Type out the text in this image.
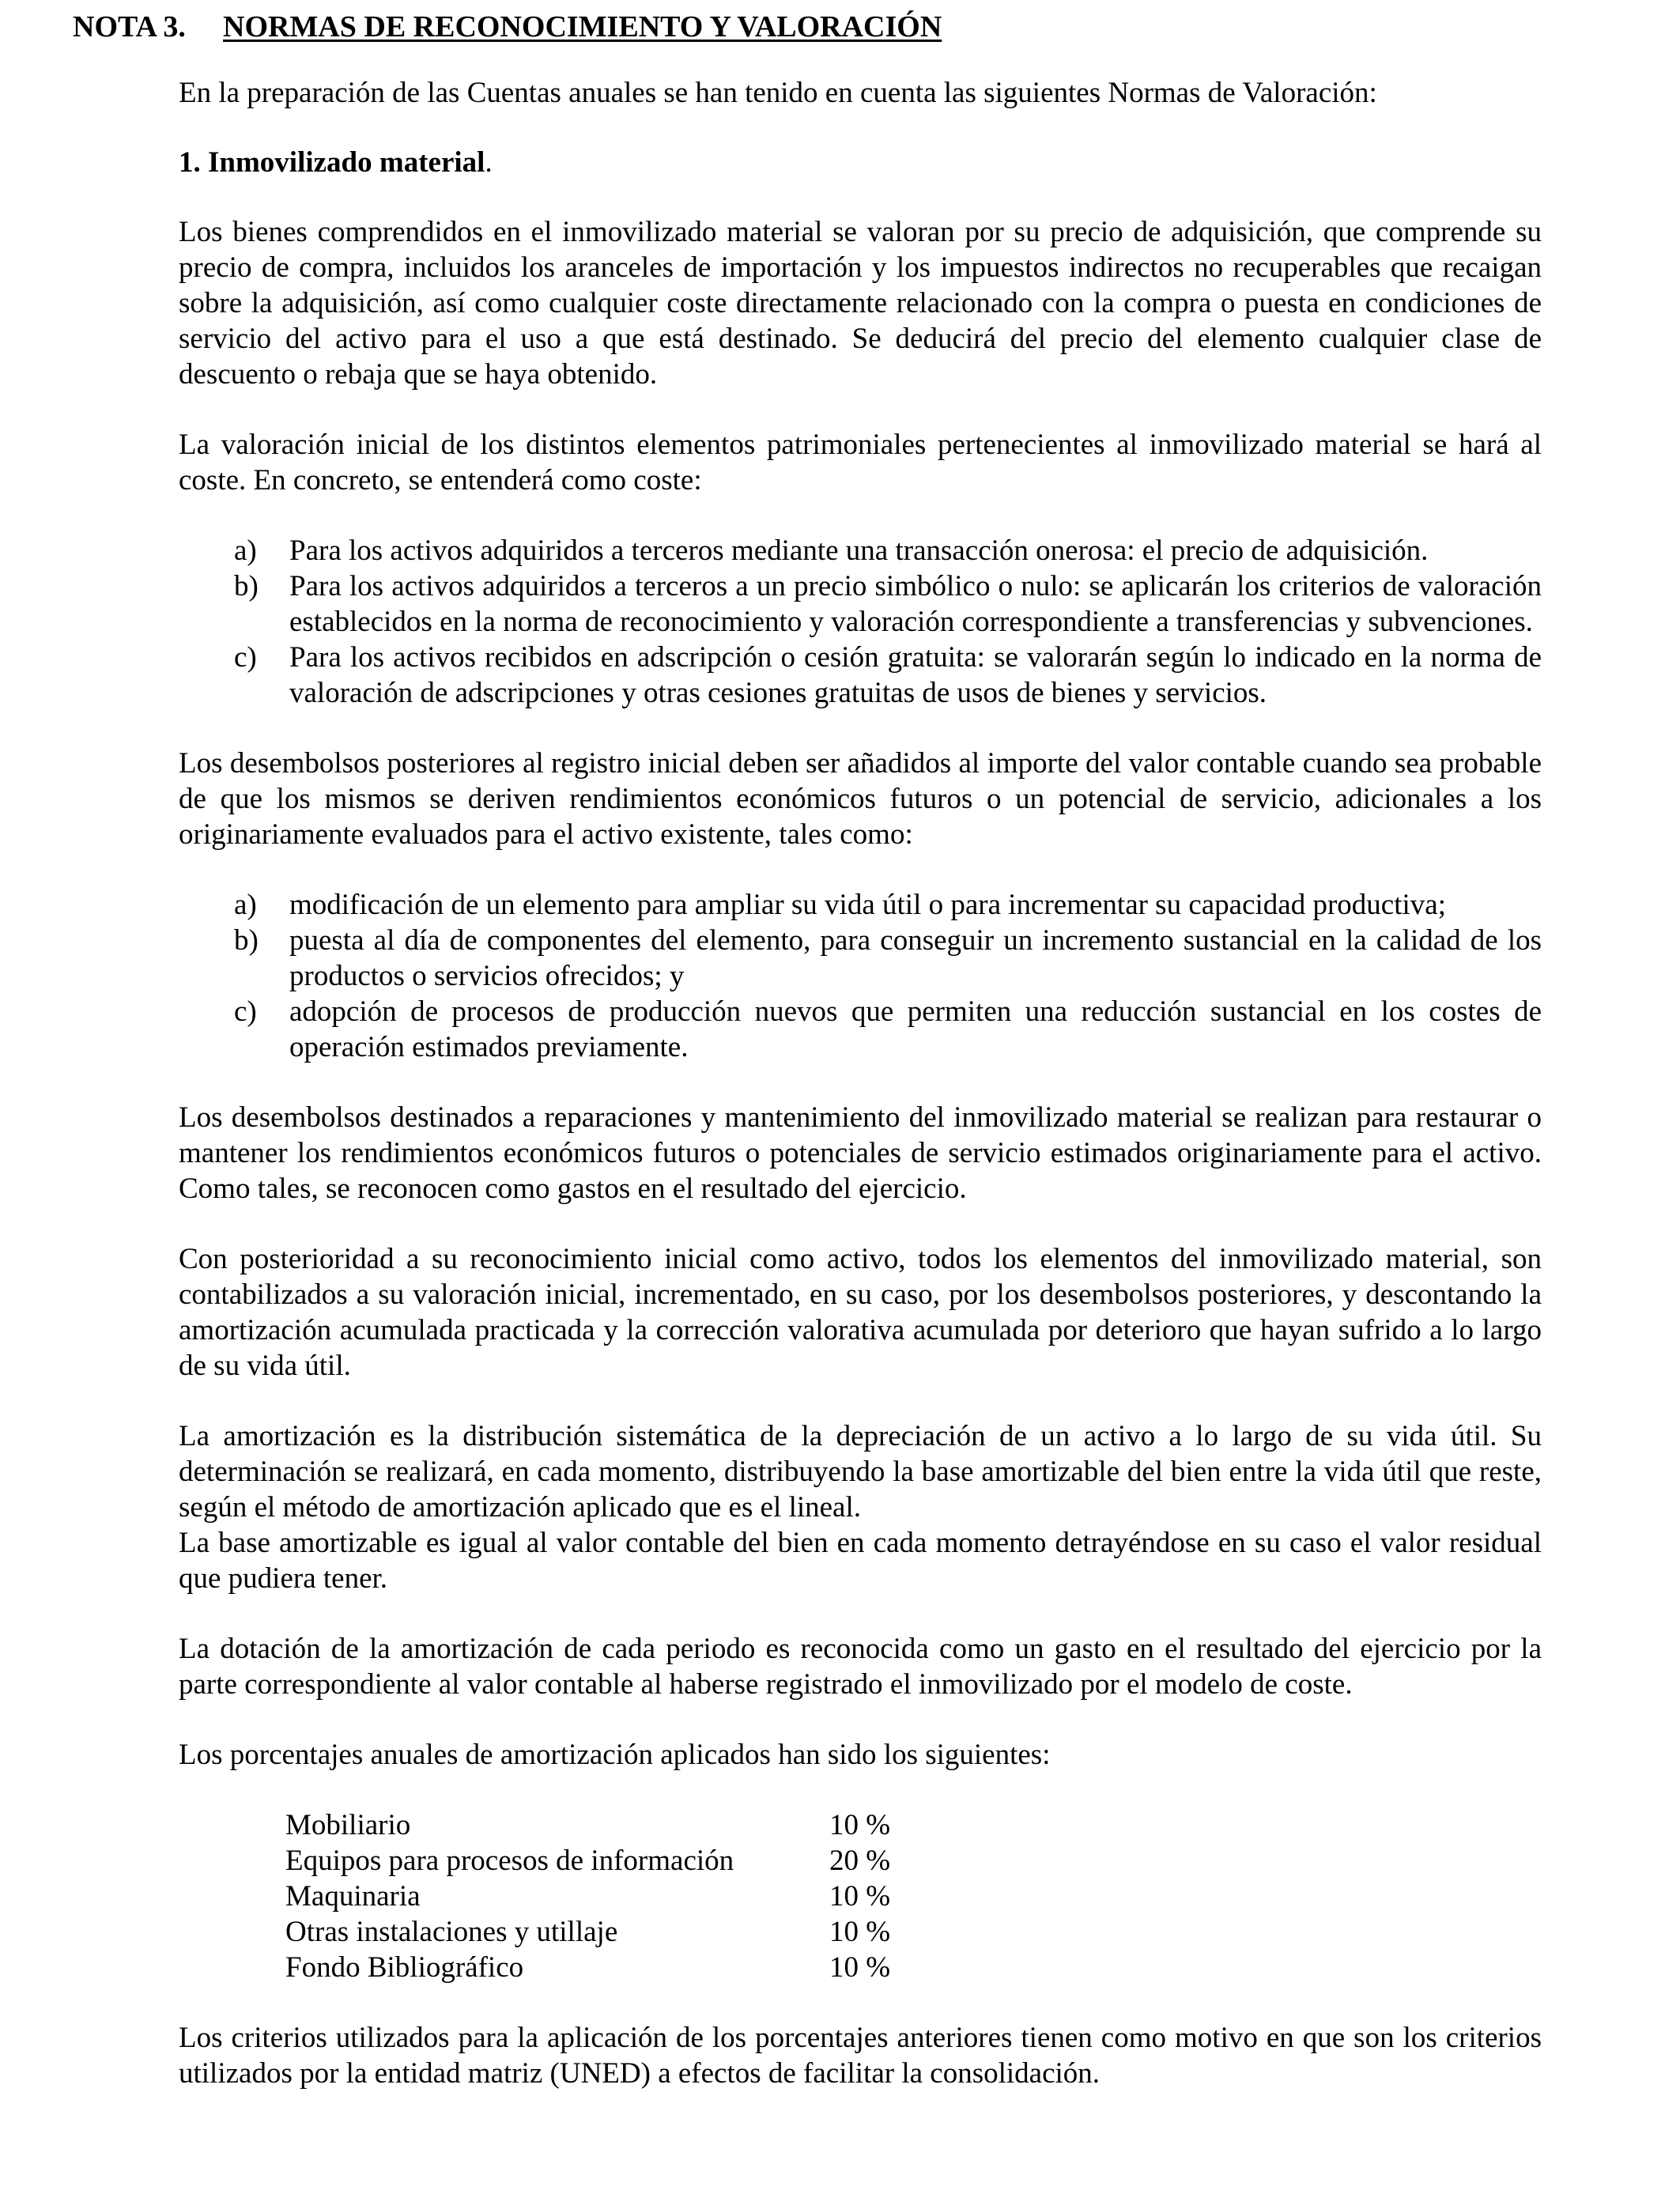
NOTA 3. NORMAS DE RECONOCIMIENTO Y VALORACIÓN

En la preparación de las Cuentas anuales se han tenido en cuenta las siguientes Normas de Valoración:

1. Inmovilizado material.

Los bienes comprendidos en el inmovilizado material se valoran por su precio de adquisición, que comprende su precio de compra, incluidos los aranceles de importación y los impuestos indirectos no recuperables que recaigan sobre la adquisición, así como cualquier coste directamente relacionado con la compra o puesta en condiciones de servicio del activo para el uso a que está destinado. Se deducirá del precio del elemento cualquier clase de descuento o rebaja que se haya obtenido.

La valoración inicial de los distintos elementos patrimoniales pertenecientes al inmovilizado material se hará al coste. En concreto, se entenderá como coste:

a)	Para los activos adquiridos a terceros mediante una transacción onerosa: el precio de adquisición.
b)	Para los activos adquiridos a terceros a un precio simbólico o nulo: se aplicarán los criterios de valoración establecidos en la norma de reconocimiento y valoración correspondiente a transferencias y subvenciones.
c)	Para los activos recibidos en adscripción o cesión gratuita: se valorarán según lo indicado en la norma de valoración de adscripciones y otras cesiones gratuitas de usos de bienes y servicios.

Los desembolsos posteriores al registro inicial deben ser añadidos al importe del valor contable cuando sea probable de que los mismos se deriven rendimientos económicos futuros o un potencial de servicio, adicionales a los originariamente evaluados para el activo existente, tales como:

a)	modificación de un elemento para ampliar su vida útil o para incrementar su capacidad productiva;
b)	puesta al día de componentes del elemento, para conseguir un incremento sustancial en la calidad de los productos o servicios ofrecidos; y
c)	adopción de procesos de producción nuevos que permiten una reducción sustancial en los costes de operación estimados previamente.

Los desembolsos destinados a reparaciones y mantenimiento del inmovilizado material se realizan para restaurar o mantener los rendimientos económicos futuros o potenciales de servicio estimados originariamente para el activo. Como tales, se reconocen como gastos en el resultado del ejercicio.

Con posterioridad a su reconocimiento inicial como activo, todos los elementos del inmovilizado material, son contabilizados a su valoración inicial, incrementado, en su caso, por los desembolsos posteriores, y descontando la amortización acumulada practicada y la corrección valorativa acumulada por deterioro que hayan sufrido a lo largo de su vida útil.

La amortización es la distribución sistemática de la depreciación de un activo a lo largo de su vida útil. Su determinación se realizará, en cada momento, distribuyendo la base amortizable del bien entre la vida útil que reste, según el método de amortización aplicado que es el lineal.

La base amortizable es igual al valor contable del bien en cada momento detrayéndose en su caso el valor residual que pudiera tener.

La dotación de la amortización de cada periodo es reconocida como un gasto en el resultado del ejercicio por la parte correspondiente al valor contable al haberse registrado el inmovilizado por el modelo de coste.

Los porcentajes anuales de amortización aplicados han sido los siguientes:

Mobiliario	10 %
Equipos para procesos de información	20 %
Maquinaria	10 %
Otras instalaciones y utillaje	10 %
Fondo Bibliográfico	10 %

Los criterios utilizados para la aplicación de los porcentajes anteriores tienen como motivo en que son los criterios utilizados por la entidad matriz (UNED) a efectos de facilitar la consolidación.
